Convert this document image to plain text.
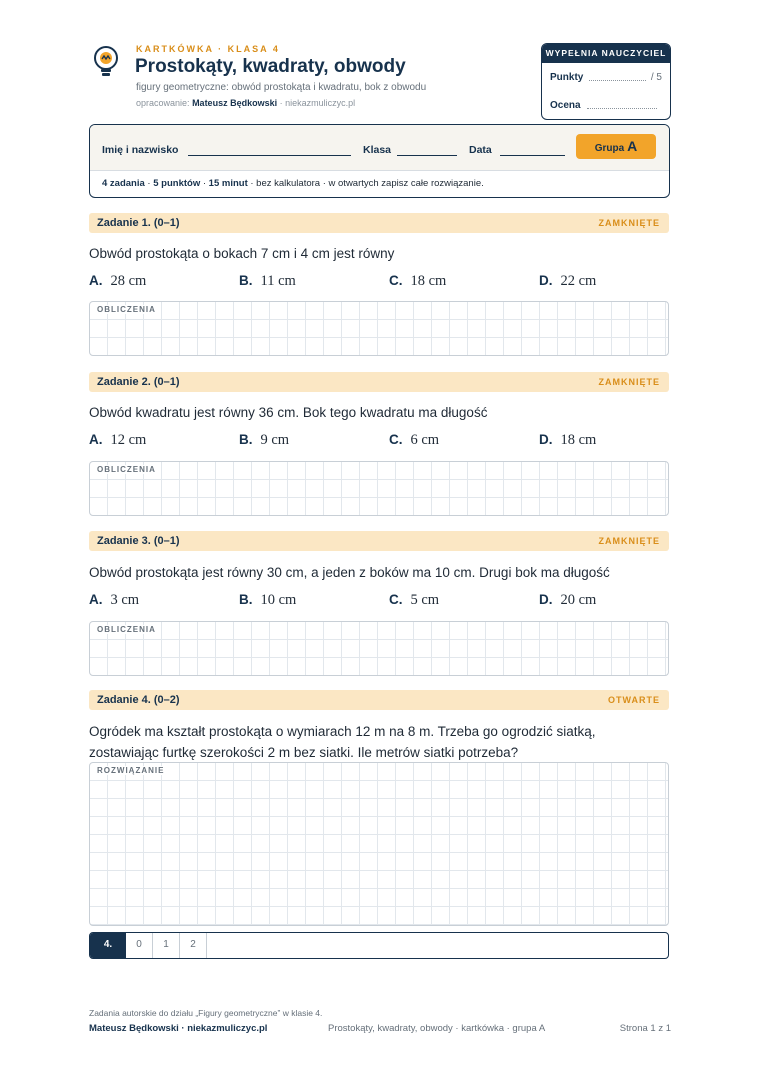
KARTKÓWKA · KLASA 4
Prostokąty, kwadraty, obwody
figury geometryczne: obwód prostokąta i kwadratu, bok z obwodu
opracowanie: Mateusz Będkowski · niekazmuliczyc.pl
WYPEŁNIA NAUCZYCIEL
Punkty	/ 5
Ocena
Imię i nazwisko	Klasa	Data	Grupa A
4 zadania · 5 punktów · 15 minut · bez kalkulatora · w otwartych zapisz całe rozwiązanie.
Zadanie 1. (0–1)	ZAMKNIĘTE
Obwód prostokąta o bokach 7 cm i 4 cm jest równy
A. 28 cm	B. 11 cm	C. 18 cm	D. 22 cm
OBLICZENIA
Zadanie 2. (0–1)	ZAMKNIĘTE
Obwód kwadratu jest równy 36 cm. Bok tego kwadratu ma długość
A. 12 cm	B. 9 cm	C. 6 cm	D. 18 cm
OBLICZENIA
Zadanie 3. (0–1)	ZAMKNIĘTE
Obwód prostokąta jest równy 30 cm, a jeden z boków ma 10 cm. Drugi bok ma długość
A. 3 cm	B. 10 cm	C. 5 cm	D. 20 cm
OBLICZENIA
Zadanie 4. (0–2)	OTWARTE
Ogródek ma kształt prostokąta o wymiarach 12 m na 8 m. Trzeba go ogrodzić siatką,
zostawiając furtkę szerokości 2 m bez siatki. Ile metrów siatki potrzeba?
ROZWIĄZANIE
4.	0	1	2
Zadania autorskie do działu „Figury geometryczne” w klasie 4.
Mateusz Będkowski · niekazmuliczyc.pl	Prostokąty, kwadraty, obwody · kartkówka · grupa A	Strona 1 z 1
